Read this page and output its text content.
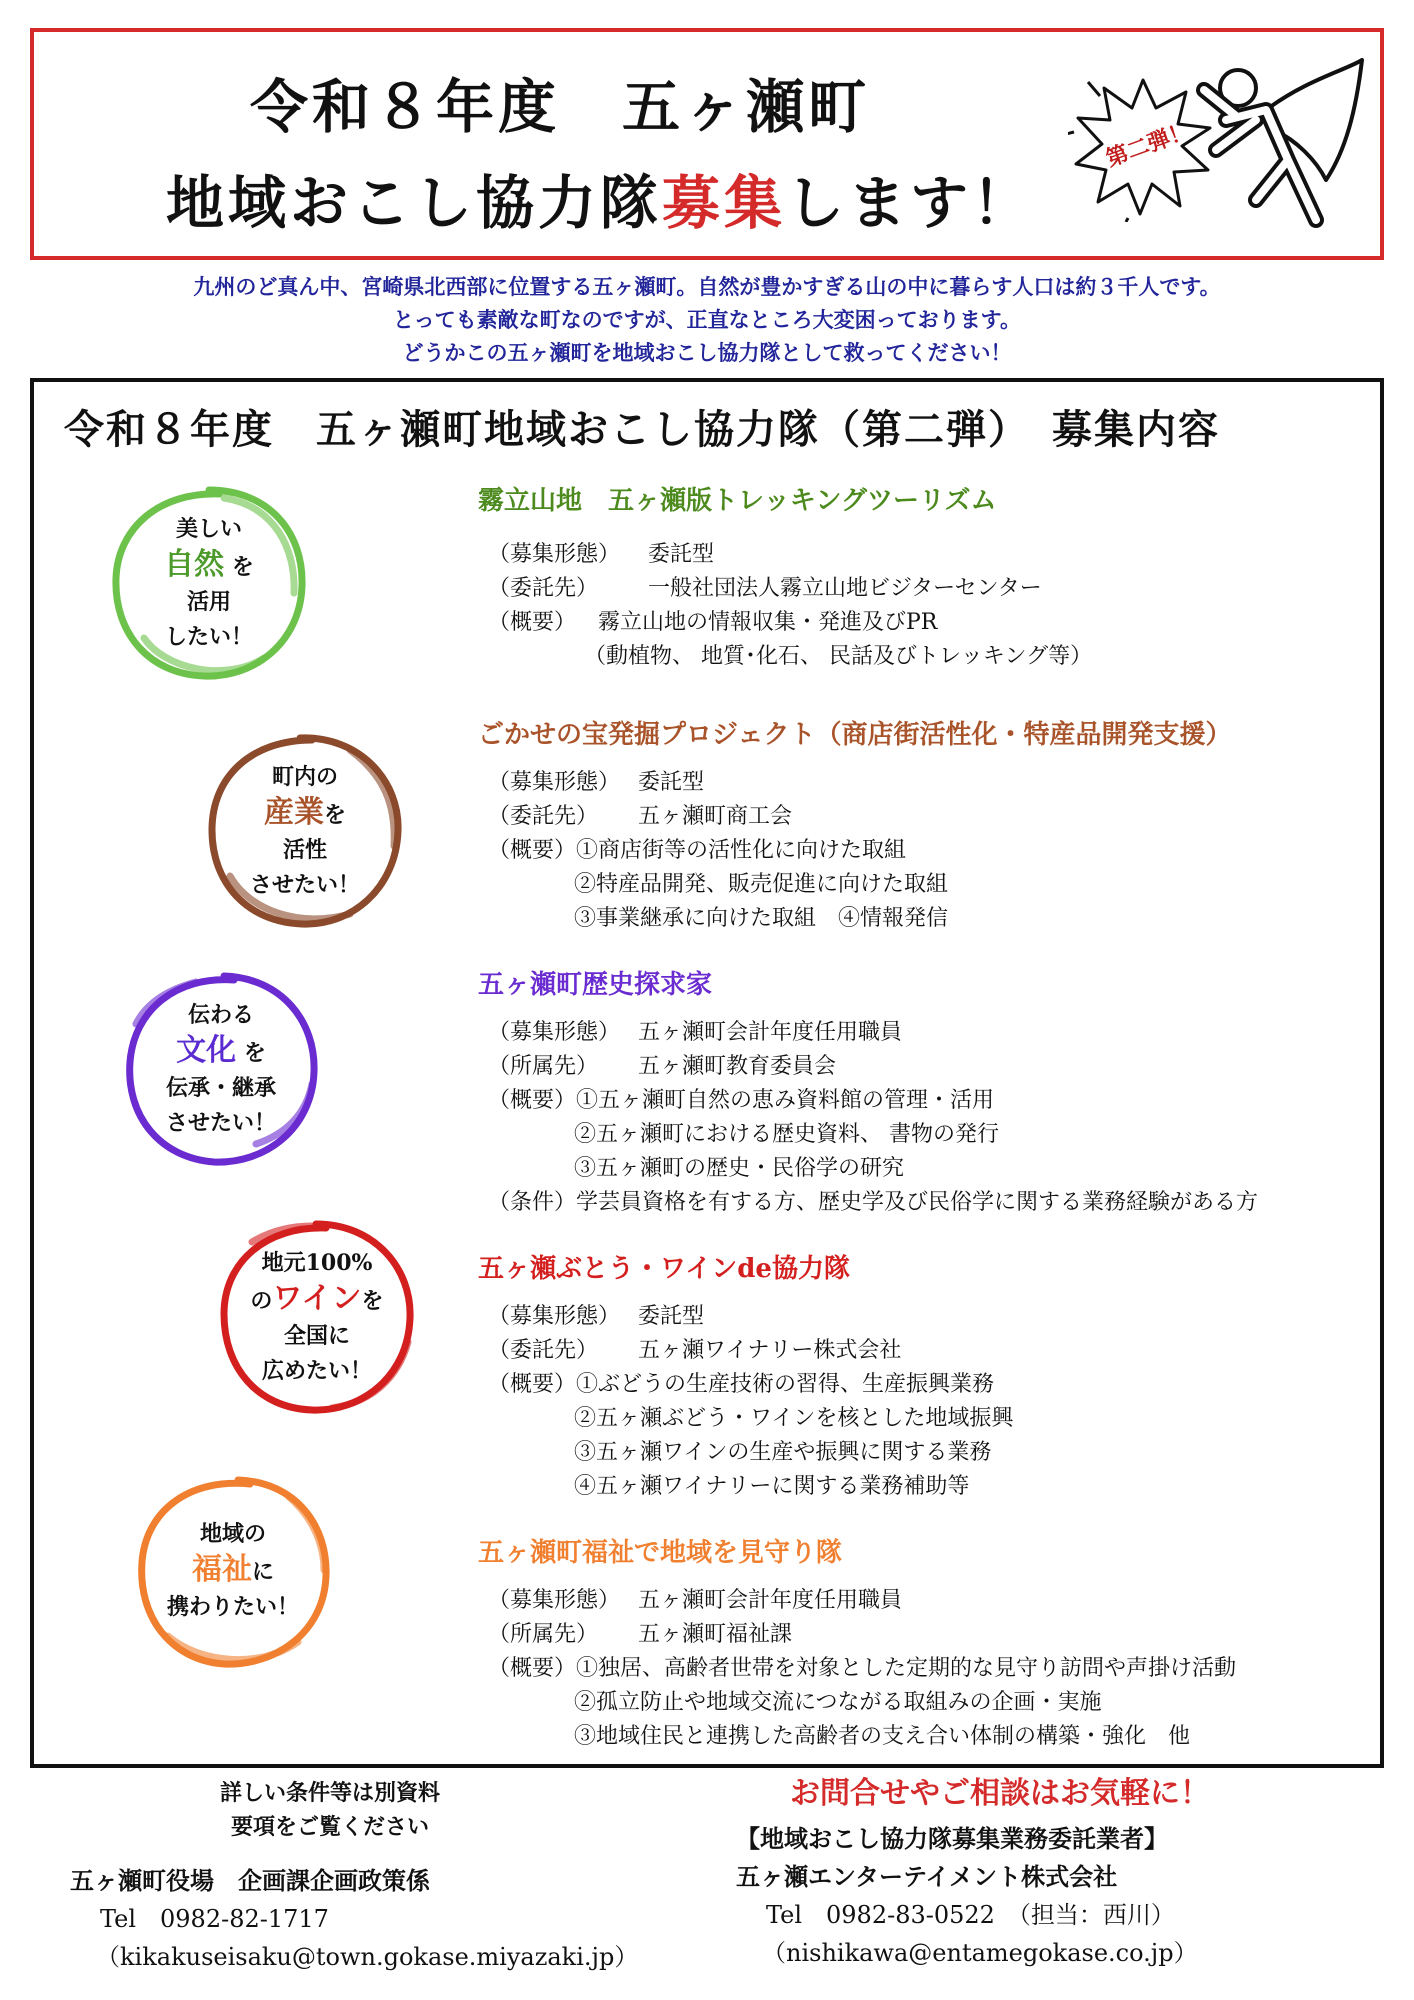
令和８年度　五ヶ瀬町
地域おこし協力隊募集します！
第二弾！
九州のど真ん中、宮崎県北西部に位置する五ヶ瀬町。自然が豊かすぎる山の中に暮らす人口は約３千人です。
とっても素敵な町なのですが、正直なところ大変困っております。
どうかこの五ヶ瀬町を地域おこし協力隊として救ってください！
令和８年度　五ヶ瀬町地域おこし協力隊（第二弾）　募集内容
美しい
自然 を
活用
したい！
町内の
産業を
活性
させたい！
伝わる
文化 を
伝承・継承
させたい！
地元100%
のワインを
全国に
広めたい！
地域の
福祉に
携わりたい！
霧立山地　五ヶ瀬版トレッキングツーリズム
（募集形態）	委託型
（委託先）	一般社団法人霧立山地ビジターセンター
（概要） 霧立山地の情報収集・発進及びPR
（動植物、 地質･化石、 民話及びトレッキング等）
ごかせの宝発掘プロジェクト（商店街活性化・特産品開発支援）
（募集形態） 委託型
（委託先）	五ヶ瀬町商工会
（概要） ①商店街等の活性化に向けた取組
②特産品開発、販売促進に向けた取組
③事業継承に向けた取組　④情報発信
五ヶ瀬町歴史探求家
（募集形態） 五ヶ瀬町会計年度任用職員
（所属先）	五ヶ瀬町教育委員会
（概要） ①五ヶ瀬町自然の恵み資料館の管理・活用
②五ヶ瀬町における歴史資料、 書物の発行
③五ヶ瀬町の歴史・民俗学の研究
（条件） 学芸員資格を有する方、歴史学及び民俗学に関する業務経験がある方
五ヶ瀬ぶとう・ワインde協力隊
（募集形態） 委託型
（委託先）	五ヶ瀬ワイナリー株式会社
（概要） ①ぶどうの生産技術の習得、生産振興業務
②五ヶ瀬ぶどう・ワインを核とした地域振興
③五ヶ瀬ワインの生産や振興に関する業務
④五ヶ瀬ワイナリーに関する業務補助等
五ヶ瀬町福祉で地域を見守り隊
（募集形態） 五ヶ瀬町会計年度任用職員
（所属先）	五ヶ瀬町福祉課
（概要） ①独居、高齢者世帯を対象とした定期的な見守り訪問や声掛け活動
②孤立防止や地域交流につながる取組みの企画・実施
③地域住民と連携した高齢者の支え合い体制の構築・強化　他
詳しい条件等は別資料
要項をご覧ください
五ヶ瀬町役場　企画課企画政策係
Tel　0982-82-1717
（kikakuseisaku@town.gokase.miyazaki.jp）
お問合せやご相談はお気軽に！
【地域おこし協力隊募集業務委託業者】
五ヶ瀬エンターテイメント株式会社
Tel　0982-83-0522　（担当：西川）
（nishikawa@entamegokase.co.jp）
